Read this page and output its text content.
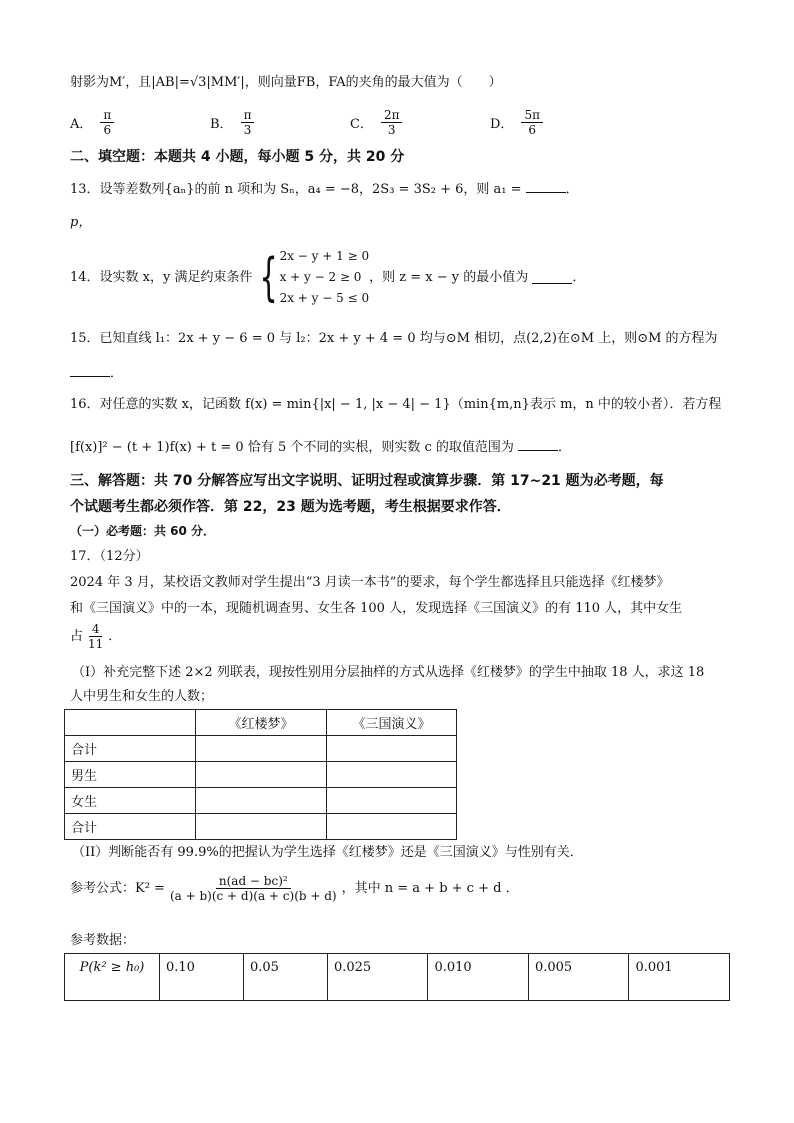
射影为M′，且|AB|=√3|MM′|，则向量FB，FA的夹角的最大值为（　　）
A． $\frac{\pi}{6}$	B． $\frac{\pi}{3}$	C． $\frac{2\pi}{3}$	D． $\frac{5\pi}{6}$
二、填空题：本题共 4 小题，每小题 5 分，共 20 分
13．设等差数列{aₙ}的前 n 项和为 Sₙ，a₄ = −8，2S₃ = 3S₂ + 6，则 a₁ =	．
p，
14．设实数 x，y 满足约束条件 { 2x − y + 1 ≥ 0
x + y − 2 ≥ 0
2x + y − 5 ≤ 0
，则 z = x − y 的最小值为
	．
15．已知直线 l₁：2x + y − 6 = 0 与 l₂：2x + y + 4 = 0 均与⊙M 相切，点(2,2)在⊙M 上，则⊙M 的方程为
．
16．对任意的实数 x，记函数 f(x) = min{|x| − 1, |x − 4| − 1}（min{m,n}表示 m，n 中的较小者）．若方程
[f(x)]² − (t + 1)f(x) + t = 0 恰有 5 个不同的实根，则实数 c 的取值范围为	．
三、解答题：共 70 分解答应写出文字说明、证明过程或演算步骤．第 17~21 题为必考题，每
个试题考生都必须作答．第 22，23 题为选考题，考生根据要求作答．
（一）必考题：共 60 分．
17．（12分）
2024 年 3 月，某校语文教师对学生提出“3 月读一本书”的要求，每个学生都选择且只能选择《红楼梦》
和《三国演义》中的一本，现随机调查男、女生各 100 人，发现选择《三国演义》的有 110 人，其中女生
占 $\frac{4}{11}$ ．
（I）补充完整下述 2×2 列联表，现按性别用分层抽样的方式从选择《红楼梦》的学生中抽取 18 人，求这 18
人中男生和女生的人数；
	《红楼梦》	《三国演义》
合计		
男生		
女生		
合计		
（II）判断能否有 99.9%的把握认为学生选择《红楼梦》还是《三国演义》与性别有关．
参考公式：$K^2 = \frac{\text{n(ad − bc)²}}{(a + b)(c + d)(a + c)(b + d)}$ ，其中 n = a + b + c + d ．
参考数据：
P(k² ≥ h₀)	0.10	0.05	0.025	0.010	0.005	0.001
